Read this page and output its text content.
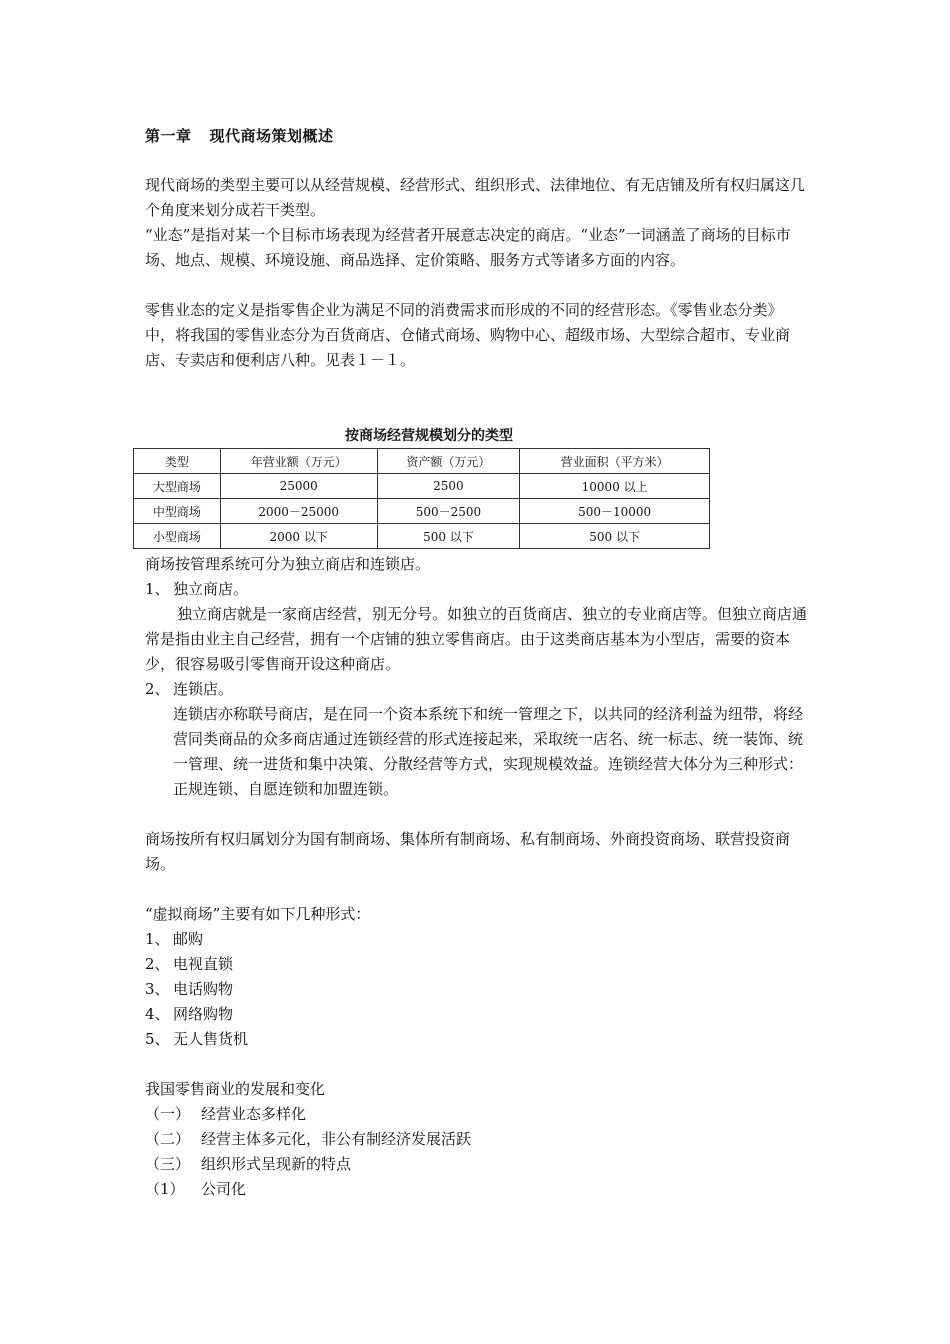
第一章 现代商场策划概述

现代商场的类型主要可以从经营规模、经营形式、组织形式、法律地位、有无店铺及所有权归属这几个角度来划分成若干类型。

“业态”是指对某一个目标市场表现为经营者开展意志决定的商店。“业态”一词涵盖了商场的目标市场、地点、规模、环境设施、商品选择、定价策略、服务方式等诸多方面的内容。

零售业态的定义是指零售企业为满足不同的消费需求而形成的不同的经营形态。《零售业态分类》中，将我国的零售业态分为百货商店、仓储式商场、购物中心、超级市场、大型综合超市、专业商店、专卖店和便利店八种。见表１－１。

按商场经营规模划分的类型
类型	年营业额（万元）	资产额（万元）	营业面积（平方米）
大型商场	25000	2500	10000 以上
中型商场	2000－25000	500－2500	500－10000
小型商场	2000 以下	500 以下	500 以下
商场按管理系统可分为独立商店和连锁店。
1、 独立商店。

独立商店就是一家商店经营，别无分号。如独立的百货商店、独立的专业商店等。但独立商店通常是指由业主自己经营，拥有一个店铺的独立零售商店。由于这类商店基本为小型店，需要的资本少，很容易吸引零售商开设这种商店。

2、 连锁店。

连锁店亦称联号商店，是在同一个资本系统下和统一管理之下，以共同的经济利益为纽带，将经营同类商品的众多商店通过连锁经营的形式连接起来，采取统一店名、统一标志、统一装饰、统一管理、统一进货和集中决策、分散经营等方式，实现规模效益。连锁经营大体分为三种形式：正规连锁、自愿连锁和加盟连锁。

商场按所有权归属划分为国有制商场、集体所有制商场、私有制商场、外商投资商场、联营投资商场。

“虚拟商场”主要有如下几种形式：
1、 邮购
2、 电视直锁
3、 电话购物
4、 网络购物
5、 无人售货机
我国零售商业的发展和变化
（一） 经营业态多样化
（二） 经营主体多元化，非公有制经济发展活跃
（三） 组织形式呈现新的特点
（1） 公司化
